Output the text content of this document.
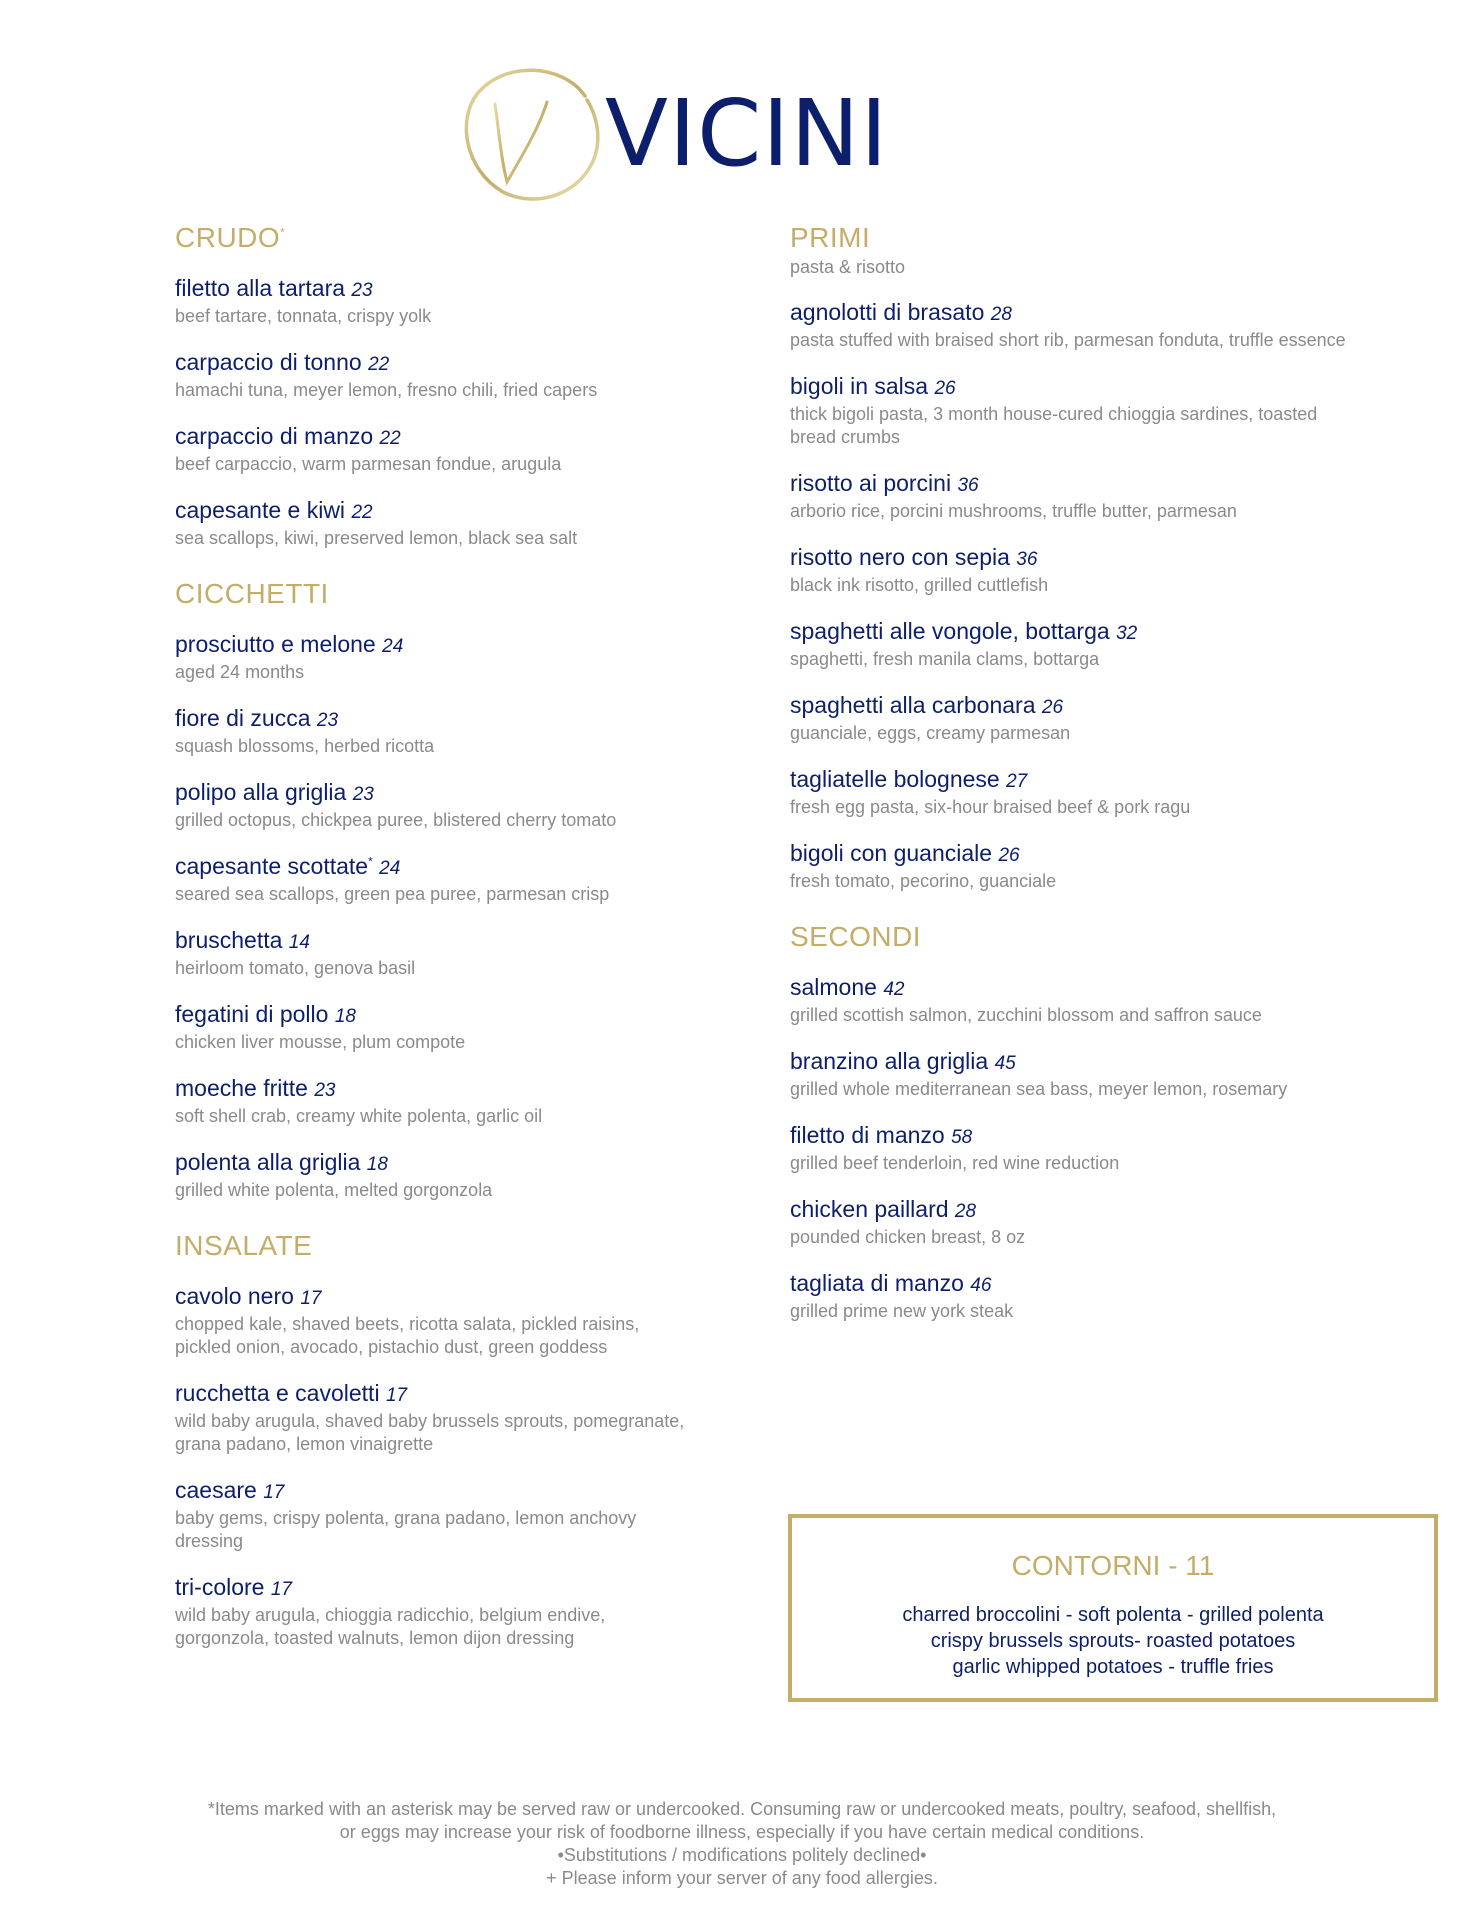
VICINI
CRUDO*
filetto alla tartara 23
beef tartare, tonnata, crispy yolk
carpaccio di tonno 22
hamachi tuna, meyer lemon, fresno chili, fried capers
carpaccio di manzo 22
beef carpaccio, warm parmesan fondue, arugula
capesante e kiwi 22
sea scallops, kiwi, preserved lemon, black sea salt
CICCHETTI
prosciutto e melone 24
aged 24 months
fiore di zucca 23
squash blossoms, herbed ricotta
polipo alla griglia 23
grilled octopus, chickpea puree, blistered cherry tomato
capesante scottate* 24
seared sea scallops, green pea puree, parmesan crisp
bruschetta 14
heirloom tomato, genova basil
fegatini di pollo 18
chicken liver mousse, plum compote
moeche fritte 23
soft shell crab, creamy white polenta, garlic oil
polenta alla griglia 18
grilled white polenta, melted gorgonzola
INSALATE
cavolo nero 17
chopped kale, shaved beets, ricotta salata, pickled raisins, pickled onion, avocado, pistachio dust, green goddess
rucchetta e cavoletti 17
wild baby arugula, shaved baby brussels sprouts, pomegranate, grana padano, lemon vinaigrette
caesare 17
baby gems, crispy polenta, grana padano, lemon anchovy dressing
tri-colore 17
wild baby arugula, chioggia radicchio, belgium endive, gorgonzola, toasted walnuts, lemon dijon dressing
PRIMI
pasta & risotto
agnolotti di brasato 28
pasta stuffed with braised short rib, parmesan fonduta, truffle essence
bigoli in salsa 26
thick bigoli pasta, 3 month house-cured chioggia sardines, toasted bread crumbs
risotto ai porcini 36
arborio rice, porcini mushrooms, truffle butter, parmesan
risotto nero con sepia 36
black ink risotto, grilled cuttlefish
spaghetti alle vongole, bottarga 32
spaghetti, fresh manila clams, bottarga
spaghetti alla carbonara 26
guanciale, eggs, creamy parmesan
tagliatelle bolognese 27
fresh egg pasta, six-hour braised beef & pork ragu
bigoli con guanciale 26
fresh tomato, pecorino, guanciale
SECONDI
salmone 42
grilled scottish salmon, zucchini blossom and saffron sauce
branzino alla griglia 45
grilled whole mediterranean sea bass, meyer lemon, rosemary
filetto di manzo 58
grilled beef tenderloin, red wine reduction
chicken paillard 28
pounded chicken breast, 8 oz
tagliata di manzo 46
grilled prime new york steak
CONTORNI - 11
charred broccolini - soft polenta - grilled polenta
crispy brussels sprouts- roasted potatoes
garlic whipped potatoes - truffle fries
*Items marked with an asterisk may be served raw or undercooked. Consuming raw or undercooked meats, poultry, seafood, shellfish,
or eggs may increase your risk of foodborne illness, especially if you have certain medical conditions.
•Substitutions / modifications politely declined•
+ Please inform your server of any food allergies.
